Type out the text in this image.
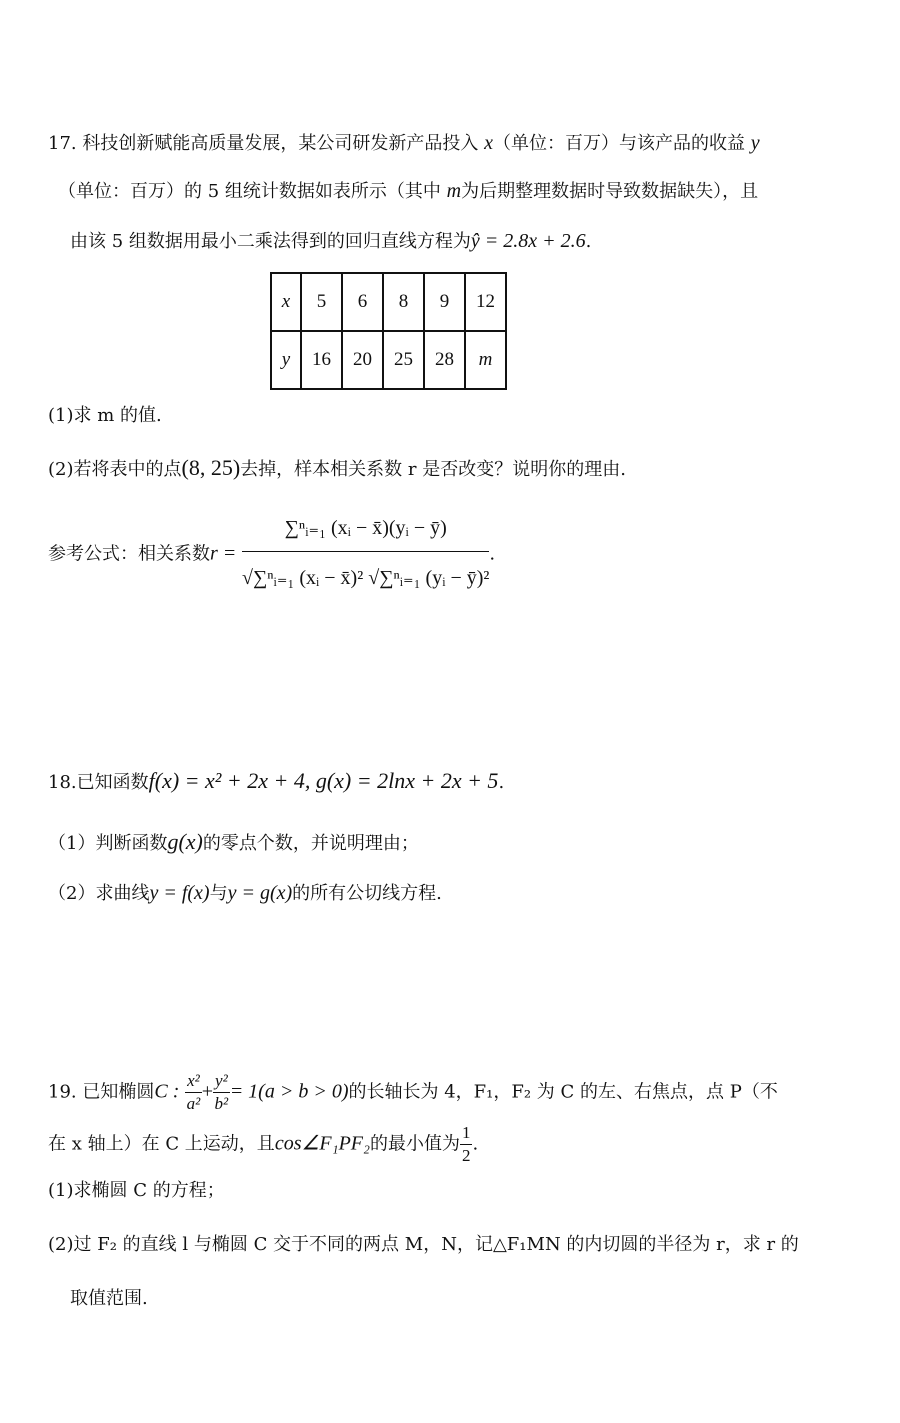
17. 科技创新赋能高质量发展，某公司研发新产品投入 x（单位：百万）与该产品的收益 y
（单位：百万）的 5 组统计数据如表所示（其中 m为后期整理数据时导致数据缺失），且
由该 5 组数据用最小二乘法得到的回归直线方程为ŷ = 2.8x + 2.6.
x	5	6	8	9	12
y	16	20	25	28	m
(1)求 m 的值.
(2)若将表中的点(8, 25)去掉，样本相关系数 r 是否改变？说明你的理由.
参考公式：相关系数$r = \frac{\text{∑ⁿᵢ₌₁ (xᵢ − x̄)(yᵢ − ȳ)}}{\text{√∑ⁿᵢ₌₁ (xᵢ − x̄)² √∑ⁿᵢ₌₁ (yᵢ − ȳ)²}}$ .
18.已知函数f(x) = x² + 2x + 4, g(x) = 2lnx + 2x + 5.
（1）判断函数g(x)的零点个数，并说明理由；
（2）求曲线y = f(x)与y = g(x)的所有公切线方程.
19. 已知椭圆C : $\frac{\text{x²}}{\text{a²}} + \frac{\text{y²}}{\text{b²}} = 1(a > b > 0)$的长轴长为 4，F₁，F₂ 为 C 的左、右焦点，点 P（不
在 x 轴上）在 C 上运动，且cos∠F₁PF₂的最小值为 $\frac{1}{2}$ .
(1)求椭圆 C 的方程；
(2)过 F₂ 的直线 l 与椭圆 C 交于不同的两点 M，N，记△F₁MN 的内切圆的半径为 r，求 r 的
取值范围.
